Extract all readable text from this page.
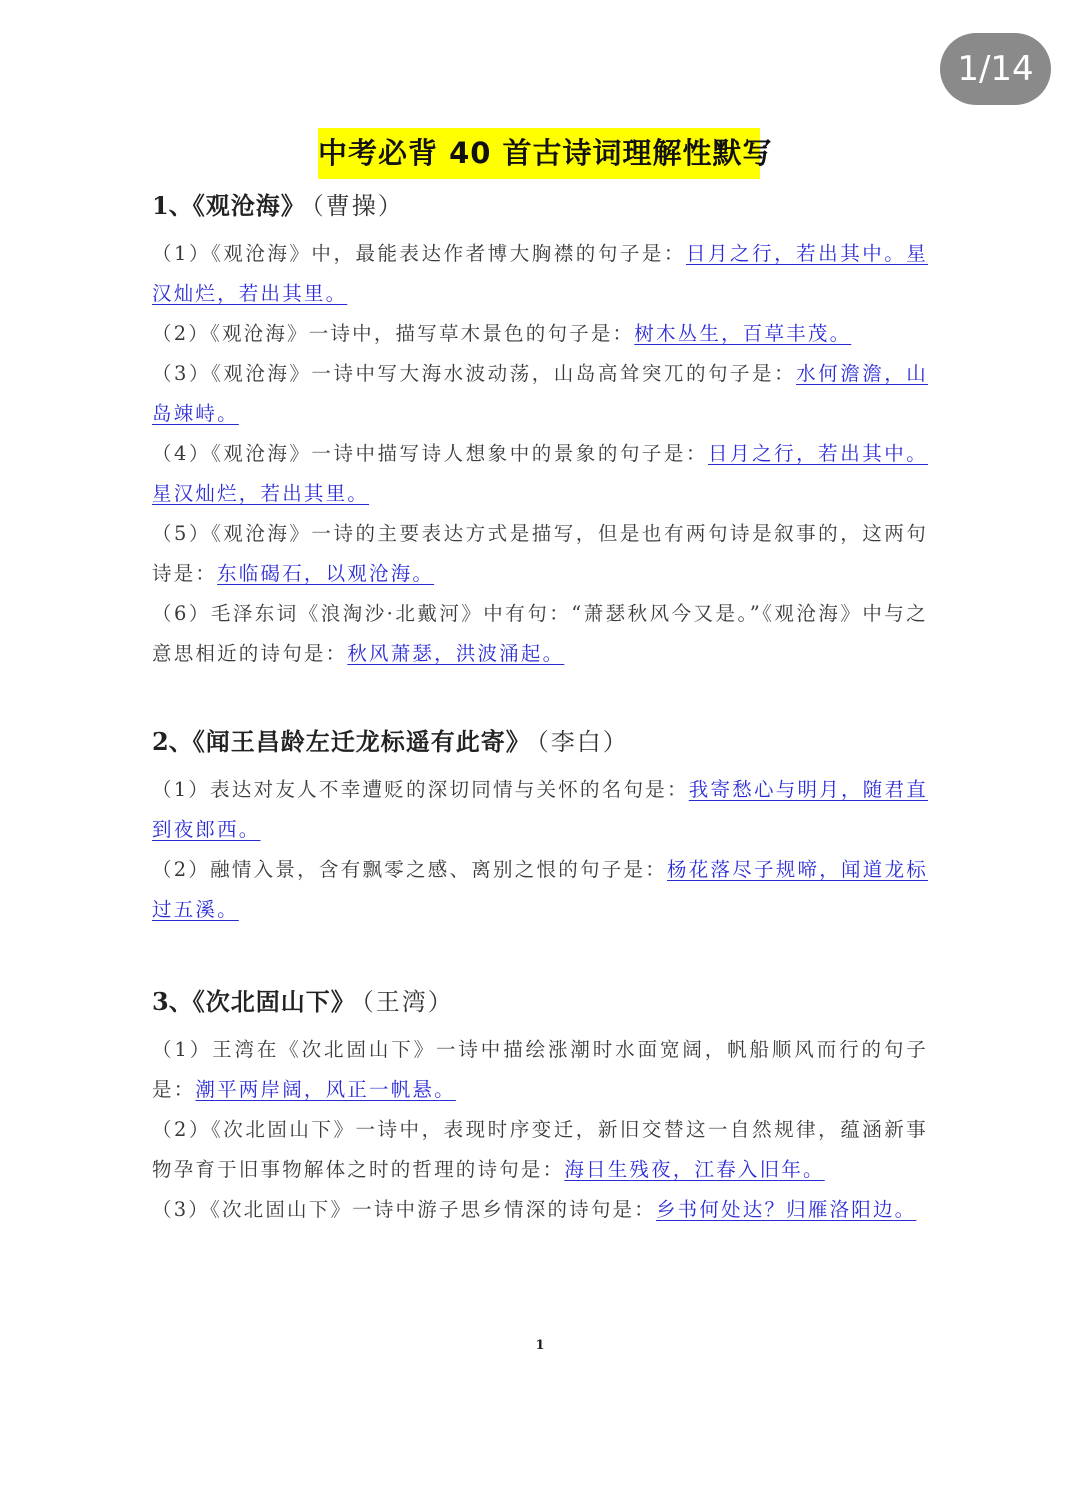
1/14
中考必背 40 首古诗词理解性默写
1、《观沧海》 （曹操）

（1）《观沧海》中，最能表达作者博大胸襟的句子是：日月之行，若出其中。星汉灿烂，若出其里。

（2）《观沧海》一诗中，描写草木景色的句子是：树木丛生，百草丰茂。

（3）《观沧海》一诗中写大海水波动荡，山岛高耸突兀的句子是：水何澹澹，山岛竦峙。

（4）《观沧海》一诗中描写诗人想象中的景象的句子是：日月之行，若出其中。星汉灿烂，若出其里。

（5）《观沧海》一诗的主要表达方式是描写，但是也有两句诗是叙事的，这两句诗是：东临碣石，以观沧海。

（6）毛泽东词《浪淘沙·北戴河》中有句：“萧瑟秋风今又是。”《观沧海》中与之意思相近的诗句是：秋风萧瑟，洪波涌起。

2、《闻王昌龄左迁龙标遥有此寄》 （李白）

（1）表达对友人不幸遭贬的深切同情与关怀的名句是：我寄愁心与明月，随君直到夜郎西。

（2）融情入景，含有飘零之感、离别之恨的句子是：杨花落尽子规啼，闻道龙标过五溪。

3、《次北固山下》 （王湾）

（1）王湾在《次北固山下》一诗中描绘涨潮时水面宽阔，帆船顺风而行的句子是：潮平两岸阔，风正一帆悬。

（2）《次北固山下》一诗中，表现时序变迁，新旧交替这一自然规律，蕴涵新事物孕育于旧事物解体之时的哲理的诗句是：海日生残夜，江春入旧年。

（3）《次北固山下》一诗中游子思乡情深的诗句是：乡书何处达？归雁洛阳边。

1
